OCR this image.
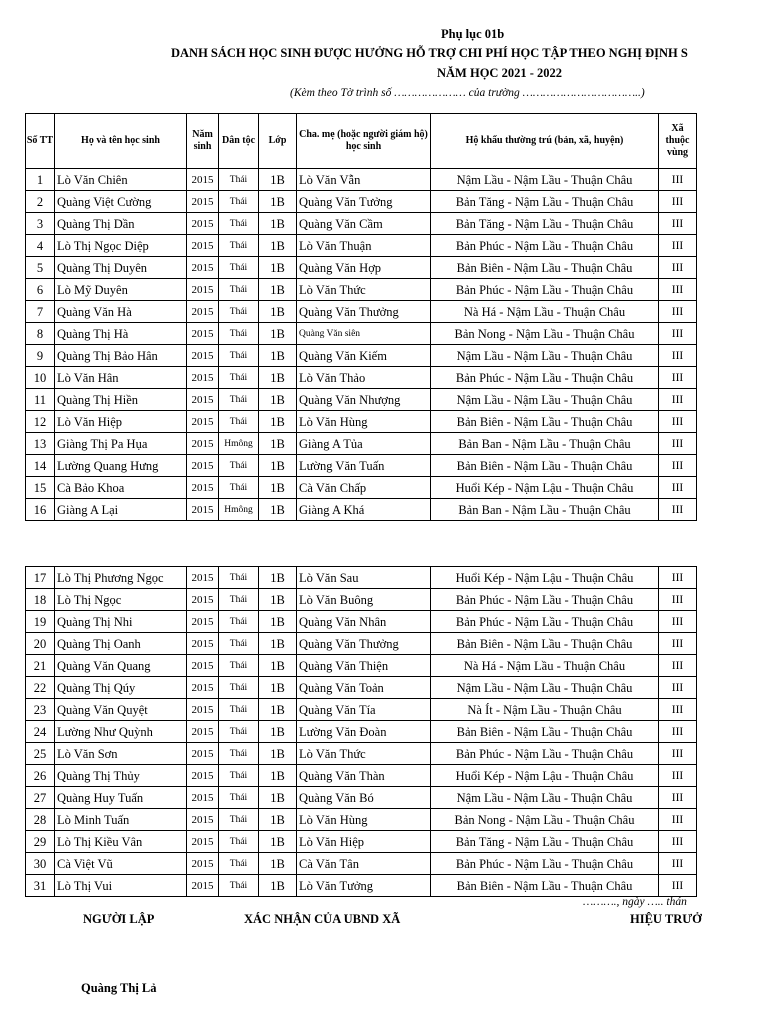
Phụ lục 01b
DANH SÁCH HỌC SINH ĐƯỢC HƯỞNG HỖ TRỢ CHI PHÍ HỌC TẬP THEO NGHỊ ĐỊNH S
NĂM HỌC 2021 - 2022
(Kèm theo Tờ trình số ………………… của trường ……………………………..)
Số TT	Họ và tên học sinh	Năm sinh	Dân tộc	Lớp	Cha. mẹ (hoặc người giám hộ) học sinh	Hộ khẩu thường trú (bản, xã, huyện)	Xã thuộc vùng
1	Lò Văn Chiên	2015	Thái	1B	Lò Văn Vẫn	Nậm Lầu - Nậm Lầu - Thuận Châu	III
2	Quàng Việt Cường	2015	Thái	1B	Quàng Văn Tưởng	Bản Tăng - Nậm Lầu - Thuận Châu	III
3	Quàng Thị Dần	2015	Thái	1B	Quàng Văn Cầm	Bản Tăng - Nậm Lầu - Thuận Châu	III
4	Lò Thị Ngọc Diệp	2015	Thái	1B	Lò Văn Thuận	Bản Phúc - Nậm Lầu - Thuận Châu	III
5	Quàng Thị Duyên	2015	Thái	1B	Quàng Văn Hợp	Bản Biên - Nậm Lầu - Thuận Châu	III
6	Lò Mỹ Duyên	2015	Thái	1B	Lò Văn Thức	Bản Phúc - Nậm Lầu - Thuận Châu	III
7	Quàng Văn Hà	2015	Thái	1B	Quàng Văn Thưởng	Nà Há - Nậm Lầu - Thuận Châu	III
8	Quàng Thị Hà	2015	Thái	1B	Quàng Văn siên	Bản Nong - Nậm Lầu - Thuận Châu	III
9	Quàng Thị Bảo Hân	2015	Thái	1B	Quàng Văn Kiếm	Nậm Lầu - Nậm Lầu - Thuận Châu	III
10	Lò Văn Hân	2015	Thái	1B	Lò Văn Thảo	Bản Phúc - Nậm Lầu - Thuận Châu	III
11	Quàng Thị Hiền	2015	Thái	1B	Quàng Văn Nhượng	Nậm Lầu - Nậm Lầu - Thuận Châu	III
12	Lò Văn Hiệp	2015	Thái	1B	Lò Văn Hùng	Bản Biên - Nậm Lầu - Thuận Châu	III
13	Giàng Thị Pa Hụa	2015	Hmông	1B	Giàng A Tủa	Bản Ban - Nậm Lầu - Thuận Châu	III
14	Lường Quang Hưng	2015	Thái	1B	Lường Văn Tuấn	Bản Biên - Nậm Lầu - Thuận Châu	III
15	Cà Bảo Khoa	2015	Thái	1B	Cà Văn Chấp	Huổi Kép - Nậm Lậu - Thuận Châu	III
16	Giàng A Lại	2015	Hmông	1B	Giàng A Khá	Bản Ban - Nậm Lầu - Thuận Châu	III
17	Lò Thị Phương Ngọc	2015	Thái	1B	Lò Văn Sau	Huổi Kép - Nậm Lậu - Thuận Châu	III
18	Lò Thị Ngọc	2015	Thái	1B	Lò Văn Buông	Bản Phúc - Nậm Lầu - Thuận Châu	III
19	Quàng Thị Nhi	2015	Thái	1B	Quàng Văn Nhân	Bản Phúc - Nậm Lầu - Thuận Châu	III
20	Quàng Thị Oanh	2015	Thái	1B	Quàng Văn Thưởng	Bản Biên - Nậm Lầu - Thuận Châu	III
21	Quàng Văn Quang	2015	Thái	1B	Quàng Văn Thiện	Nà Há - Nậm Lầu - Thuận Châu	III
22	Quàng Thị Qúy	2015	Thái	1B	Quàng Văn Toản	Nậm Lầu - Nậm Lầu - Thuận Châu	III
23	Quàng Văn Quyệt	2015	Thái	1B	Quàng Văn Tía	Nà Ít - Nậm Lầu - Thuận Châu	III
24	Lường Như Quỳnh	2015	Thái	1B	Lường Văn Đoàn	Bản Biên - Nậm Lầu - Thuận Châu	III
25	Lò Văn Sơn	2015	Thái	1B	Lò Văn Thức	Bản Phúc - Nậm Lầu - Thuận Châu	III
26	Quàng Thị Thủy	2015	Thái	1B	Quàng Văn Thàn	Huổi Kép - Nậm Lậu - Thuận Châu	III
27	Quàng Huy Tuấn	2015	Thái	1B	Quàng Văn Bó	Nậm Lầu - Nậm Lầu - Thuận Châu	III
28	Lò Minh Tuấn	2015	Thái	1B	Lò Văn Hùng	Bản Nong - Nậm Lầu - Thuận Châu	III
29	Lò Thị Kiều Vân	2015	Thái	1B	Lò Văn Hiệp	Bản Tăng - Nậm Lầu - Thuận Châu	III
30	Cà Việt Vũ	2015	Thái	1B	Cà Văn Tân	Bản Phúc - Nậm Lầu - Thuận Châu	III
31	Lò Thị Vui	2015	Thái	1B	Lò Văn Tưởng	Bản Biên - Nậm Lầu - Thuận Châu	III
………., ngày ….. thán
NGƯỜI LẬP	XÁC NHẬN CỦA UBND XÃ	HIỆU TRƯỞ
Quàng Thị Lả
